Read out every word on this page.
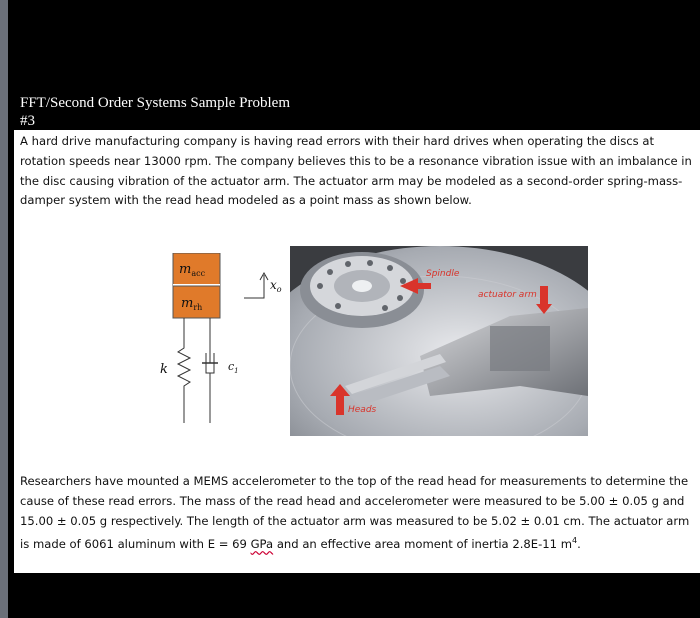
FFT/Second Order Systems Sample Problem
#3

A hard drive manufacturing company is having read errors with their hard drives when operating the discs at rotation speeds near 13000 rpm. The company believes this to be a resonance vibration issue with an imbalance in the disc causing vibration of the actuator arm. The actuator arm may be modeled as a second-order spring-mass-damper system with the read head modeled as a point mass as shown below.

$m_{acc}$
$m_{rh}$
$x_o$
k	$c_1$
Spindle
actuator arm
Heads

Researchers have mounted a MEMS accelerometer to the top of the read head for measurements to determine the cause of these read errors. The mass of the read head and accelerometer were measured to be 5.00 ± 0.05 g and 15.00 ± 0.05 g respectively. The length of the actuator arm was measured to be 5.02 ± 0.01 cm. The actuator arm is made of 6061 aluminum with E = 69 GPa and an effective area moment of inertia 2.8E-11 $m^4$.
